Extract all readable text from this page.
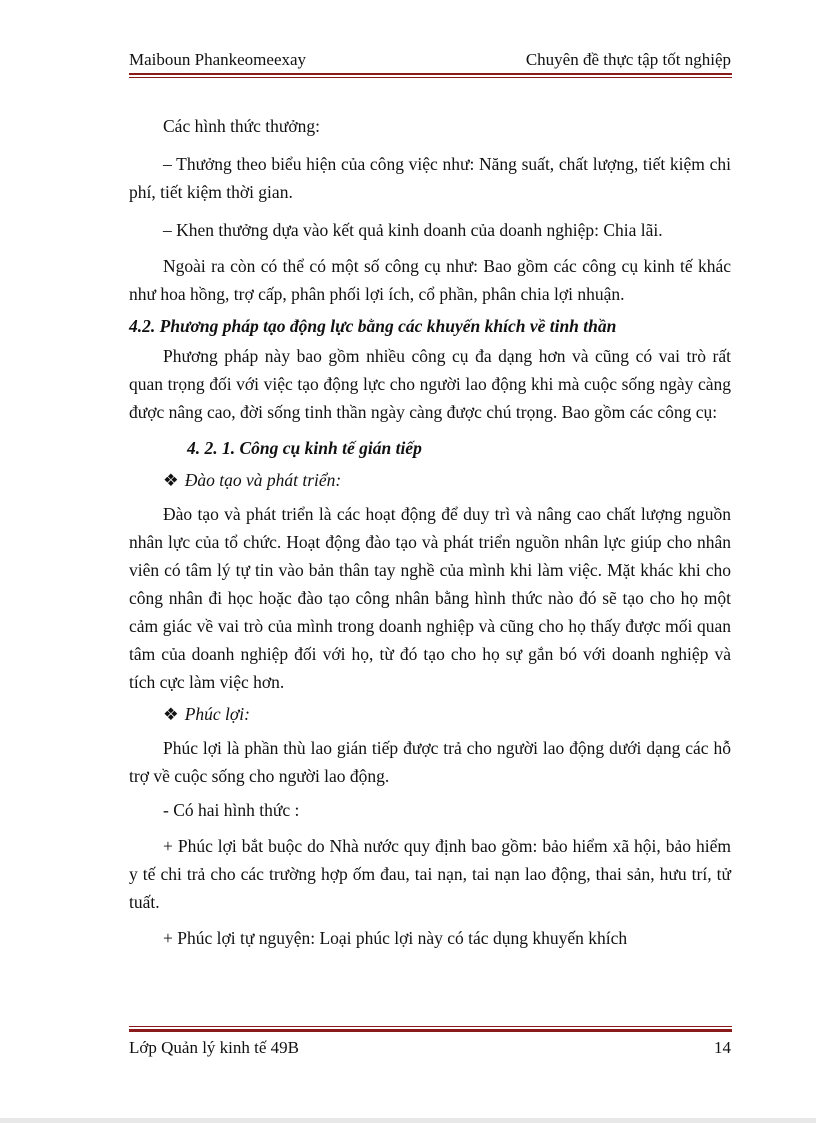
Maiboun Phankeomeexay	Chuyên đề thực tập tốt nghiệp

Các hình thức thưởng:

– Thưởng theo biểu hiện của công việc như: Năng suất, chất lượng, tiết kiệm chi phí, tiết kiệm thời gian.

– Khen thưởng dựa vào kết quả kinh doanh của doanh nghiệp: Chia lãi.

Ngoài ra còn có thể có một số công cụ như: Bao gồm các công cụ kinh tế khác như hoa hồng, trợ cấp, phân phối lợi ích, cổ phần, phân chia lợi nhuận.

4.2. Phương pháp tạo động lực bằng các khuyến khích về tinh thần

Phương pháp này bao gồm nhiều công cụ đa dạng hơn và cũng có vai trò rất quan trọng đối với việc tạo động lực cho người lao động khi mà cuộc sống ngày càng được nâng cao, đời sống tinh thần ngày càng được chú trọng. Bao gồm các công cụ:

4. 2. 1. Công cụ kinh tế gián tiếp

❖ Đào tạo và phát triển:

Đào tạo và phát triển là các hoạt động để duy trì và nâng cao chất lượng nguồn nhân lực của tổ chức. Hoạt động đào tạo và phát triển nguồn nhân lực giúp cho nhân viên có tâm lý tự tin vào bản thân tay nghề của mình khi làm việc. Mặt khác khi cho công nhân đi học hoặc đào tạo công nhân bằng hình thức nào đó sẽ tạo cho họ một cảm giác về vai trò của mình trong doanh nghiệp và cũng cho họ thấy được mối quan tâm của doanh nghiệp đối với họ, từ đó tạo cho họ sự gắn bó với doanh nghiệp và tích cực làm việc hơn.

❖ Phúc lợi:

Phúc lợi là phần thù lao gián tiếp được trả cho người lao động dưới dạng các hỗ trợ về cuộc sống cho người lao động.

- Có hai hình thức :

+ Phúc lợi bắt buộc do Nhà nước quy định bao gồm: bảo hiểm xã hội, bảo hiểm y tế chi trả cho các trường hợp ốm đau, tai nạn, tai nạn lao động, thai sản, hưu trí, tử tuất.

+ Phúc lợi tự nguyện: Loại phúc lợi này có tác dụng khuyến khích

Lớp Quản lý kinh tế 49B	14
